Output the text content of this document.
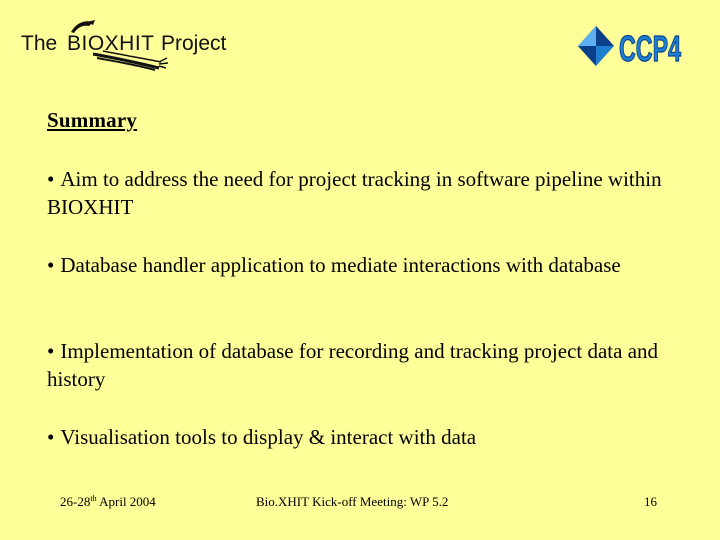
The BIOXHIT Project	CCP4
Summary
• Aim to address the need for project tracking in software pipeline within BIOXHIT
• Database handler application to mediate interactions with database
• Implementation of database for recording and tracking project data and history
• Visualisation tools to display & interact with data
26-28th April 2004	Bio.XHIT Kick-off Meeting: WP 5.2	16
